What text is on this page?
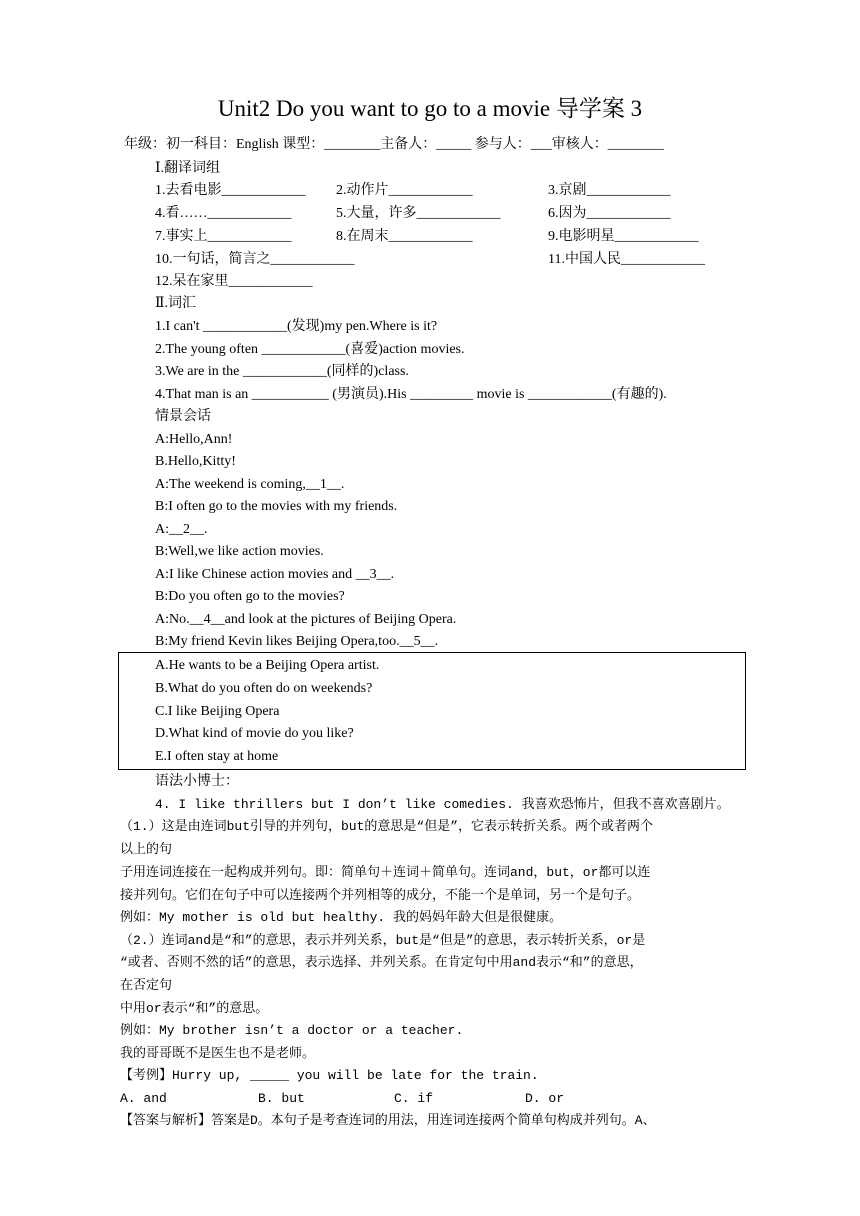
Unit2 Do you want to go to a movie 导学案 3
年级：初一科目：English 课型：________主备人：_____ 参与人：___审核人：________
Ⅰ.翻译词组
1.去看电影____________ 2.动作片____________	3.京剧____________
4.看……____________	5.大量，许多____________	6.因为____________
7.事实上____________	8.在周末____________	9.电影明星____________
10.一句话，简言之____________	11.中国人民____________
12.呆在家里____________
Ⅱ.词汇
1.I can't ____________(发现)my pen.Where is it?
2.The young often ____________(喜爱)action movies.
3.We are in the ____________(同样的)class.
4.That man is an ___________ (男演员).His _________ movie is ____________(有趣的).
情景会话
A:Hello,Ann!
B.Hello,Kitty!
A:The weekend is coming,__1__.
B:I often go to the movies with my friends.
A:__2__.
B:Well,we like action movies.
A:I like Chinese action movies and __3__.
B:Do you often go to the movies?
A:No.__4__and look at the pictures of Beijing Opera.
B:My friend Kevin likes Beijing Opera,too.__5__.
A.He wants to be a Beijing Opera artist.
B.What do you often do on weekends?
C.I like Beijing Opera
D.What kind of movie do you like?
E.I often stay at home
语法小博士：
4. I like thrillers but I don’t like comedies. 我喜欢恐怖片，但我不喜欢喜剧片。
（1.）这是由连词but引导的并列句，but的意思是“但是”，它表示转折关系。两个或者两个
以上的句
子用连词连接在一起构成并列句。即：简单句＋连词＋简单句。连词and，but，or都可以连
接并列句。它们在句子中可以连接两个并列相等的成分，不能一个是单词，另一个是句子。
例如：My mother is old but healthy. 我的妈妈年龄大但是很健康。
（2.）连词and是“和”的意思，表示并列关系，but是“但是”的意思，表示转折关系，or是
“或者、否则不然的话”的意思，表示选择、并列关系。在肯定句中用and表示“和”的意思，
在否定句
中用or表示“和”的意思。
例如：My brother isn’t a doctor or a teacher.
我的哥哥既不是医生也不是老师。
【考例】Hurry up, _____ you will be late for the train.
A. and	B. but	C. if	D. or
【答案与解析】答案是D。本句子是考查连词的用法，用连词连接两个简单句构成并列句。A、
